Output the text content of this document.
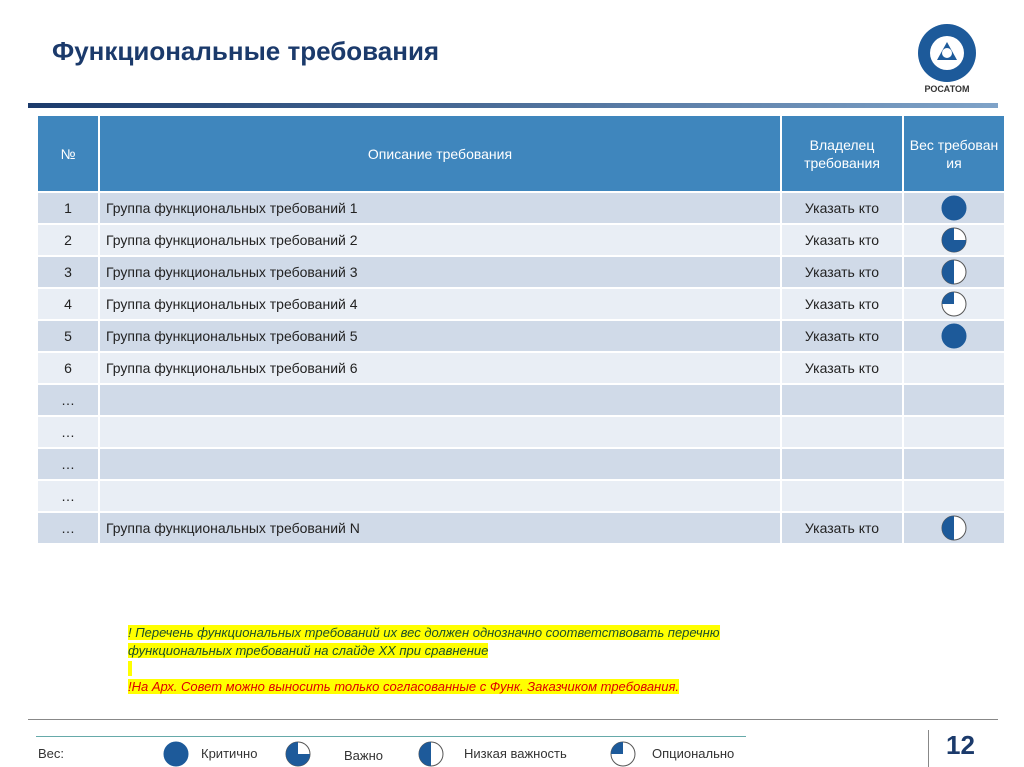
Функциональные требования
РОСАТОМ
№	Описание требования	Владелец требования	Вес требован ия
1	Группа функциональных требований 1	Указать кто	
2	Группа функциональных требований 2	Указать кто	
3	Группа функциональных требований 3	Указать кто	
4	Группа функциональных требований 4	Указать кто	
5	Группа функциональных требований 5	Указать кто	
6	Группа функциональных требований 6	Указать кто	
…			
…			
…			
…			
…	Группа функциональных требований N	Указать кто	
! Перечень функциональных требований их вес должен однозначно соответствовать перечню
функциональных требований на слайде XX при сравнение

!На Арх. Совет можно выносить только согласованные с Функ. Заказчиком требования.
Вес:	Критично	Важно	Низкая важность	Опционально	12
